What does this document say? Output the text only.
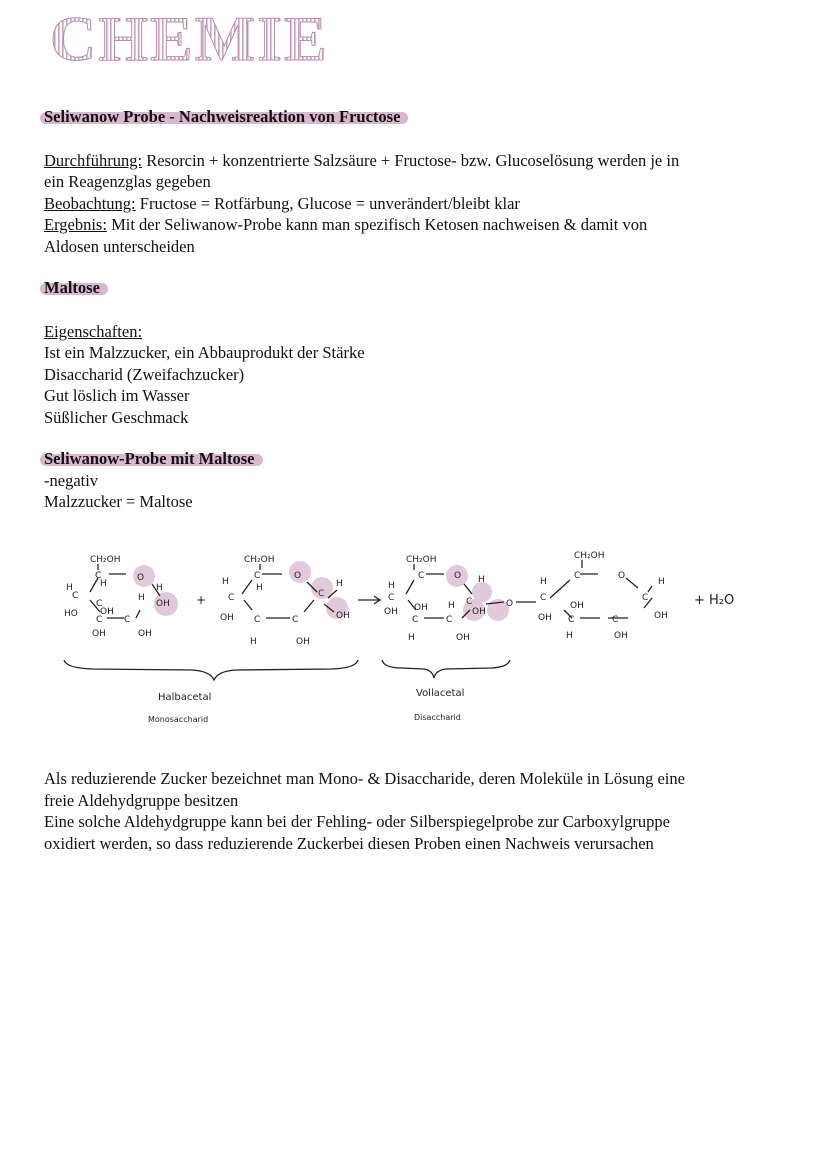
CHEMIE
Seliwanow Probe - Nachweisreaktion von Fructose
Durchführung: Resorcin + konzentrierte Salzsäure + Fructose- bzw. Glucoselösung werden je in
ein Reagenzglas gegeben
Beobachtung: Fructose = Rotfärbung, Glucose = unverändert/bleibt klar
Ergebnis: Mit der Seliwanow-Probe kann man spezifisch Ketosen nachweisen & damit von
Aldosen unterscheiden
Maltose
Eigenschaften:
Ist ein Malzzucker, ein Abbauprodukt der Stärke
Disaccharid (Zweifachzucker)
Gut löslich im Wasser
Süßlicher Geschmack
Seliwanow-Probe mit Maltose
-negativ
Malzzucker = Maltose
CH₂OH
C	O
H
C
H	H
OH
H
HO
C
OH
C C
OH	OH
+
CH₂OH
C	O
H
C
H
C
H
OH
OH C	C
H	OH
CH₂OH
C	O
H
C
H
OH OH
C
H
C	C
OH
O
H	OH
CH₂OH
C	O
H
C
H
C
OH
OH
OH C	C
H	OH
+ H₂O
Halbacetal
Monosaccharid
Vollacetal
Disaccharid
Als reduzierende Zucker bezeichnet man Mono- & Disaccharide, deren Moleküle in Lösung eine
freie Aldehydgruppe besitzen
Eine solche Aldehydgruppe kann bei der Fehling- oder Silberspiegelprobe zur Carboxylgruppe
oxidiert werden, so dass reduzierende Zuckerbei diesen Proben einen Nachweis verursachen
